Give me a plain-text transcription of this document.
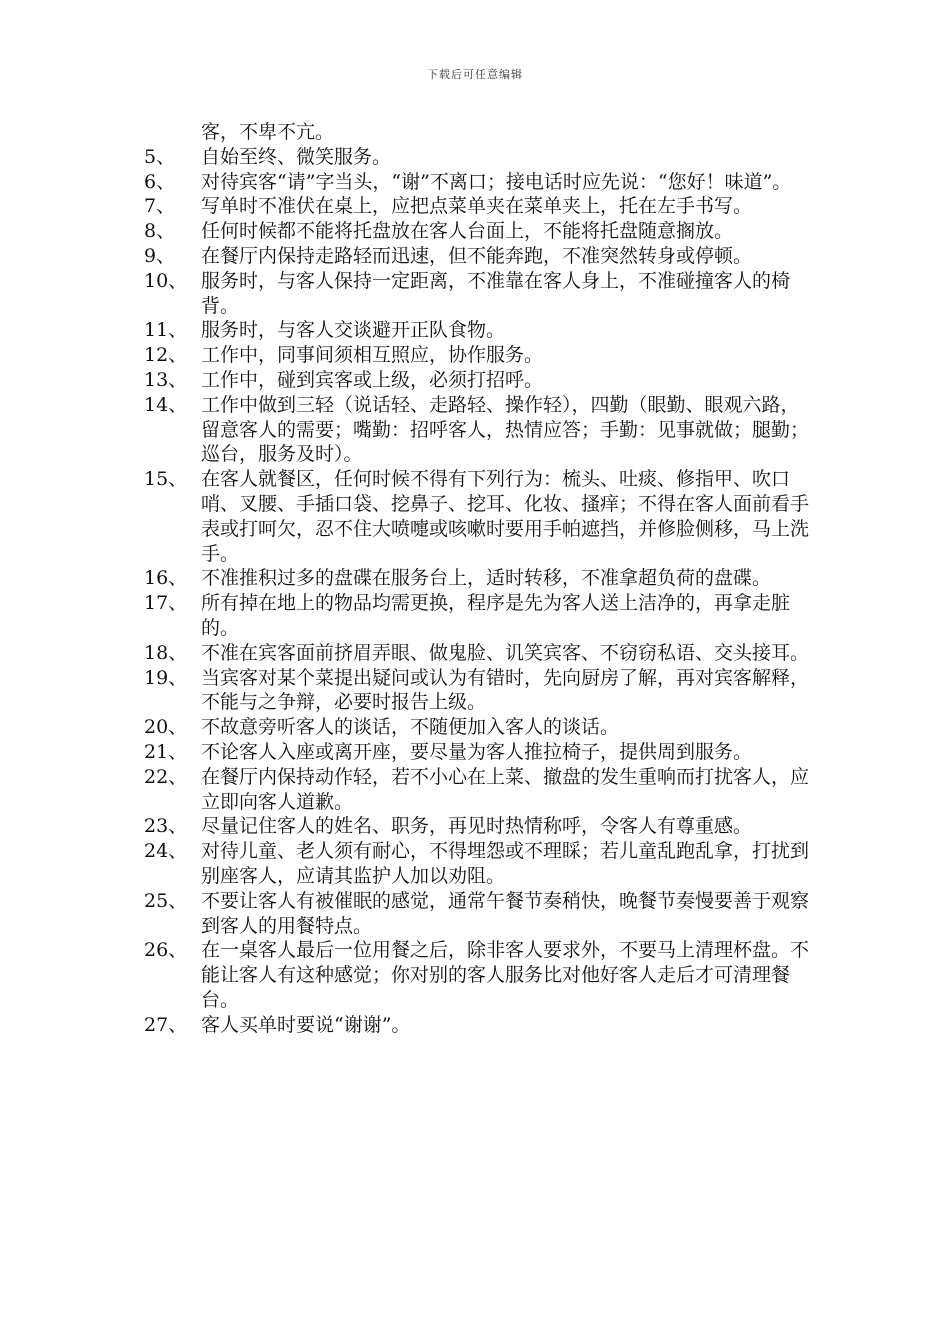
下载后可任意编辑
客，不卑不亢。
5、	自始至终、微笑服务。
6、	对待宾客“请”字当头，“谢”不离口；接电话时应先说：“您好！味道”。
7、	写单时不准伏在桌上，应把点菜单夹在菜单夹上，托在左手书写。
8、	任何时候都不能将托盘放在客人台面上，不能将托盘随意搁放。
9、	在餐厅内保持走路轻而迅速，但不能奔跑，不准突然转身或停顿。
10、 服务时，与客人保持一定距离，不准靠在客人身上，不准碰撞客人的椅背。
11、 服务时，与客人交谈避开正队食物。
12、 工作中，同事间须相互照应，协作服务。
13、 工作中，碰到宾客或上级，必须打招呼。
14、 工作中做到三轻（说话轻、走路轻、操作轻），四勤（眼勤、眼观六路，留意客人的需要；嘴勤：招呼客人，热情应答；手勤：见事就做；腿勤；巡台，服务及时）。
15、 在客人就餐区，任何时候不得有下列行为：梳头、吐痰、修指甲、吹口哨、叉腰、手插口袋、挖鼻子、挖耳、化妆、搔痒；不得在客人面前看手表或打呵欠，忍不住大喷嚏或咳嗽时要用手帕遮挡，并修脸侧移，马上洗手。
16、 不准推积过多的盘碟在服务台上，适时转移，不准拿超负荷的盘碟。
17、 所有掉在地上的物品均需更换，程序是先为客人送上洁净的，再拿走脏的。
18、 不准在宾客面前挤眉弄眼、做鬼脸、讥笑宾客、不窃窃私语、交头接耳。
19、 当宾客对某个菜提出疑问或认为有错时，先向厨房了解，再对宾客解释，不能与之争辩，必要时报告上级。
20、 不故意旁听客人的谈话，不随便加入客人的谈话。
21、 不论客人入座或离开座，要尽量为客人推拉椅子，提供周到服务。
22、 在餐厅内保持动作轻，若不小心在上菜、撤盘的发生重响而打扰客人，应立即向客人道歉。
23、 尽量记住客人的姓名、职务，再见时热情称呼，令客人有尊重感。
24、 对待儿童、老人须有耐心，不得埋怨或不理睬；若儿童乱跑乱拿，打扰到别座客人，应请其监护人加以劝阻。
25、 不要让客人有被催眠的感觉，通常午餐节奏稍快，晚餐节奏慢要善于观察到客人的用餐特点。
26、 在一桌客人最后一位用餐之后，除非客人要求外，不要马上清理杯盘。不能让客人有这种感觉；你对别的客人服务比对他好客人走后才可清理餐台。
27、 客人买单时要说“谢谢”。
